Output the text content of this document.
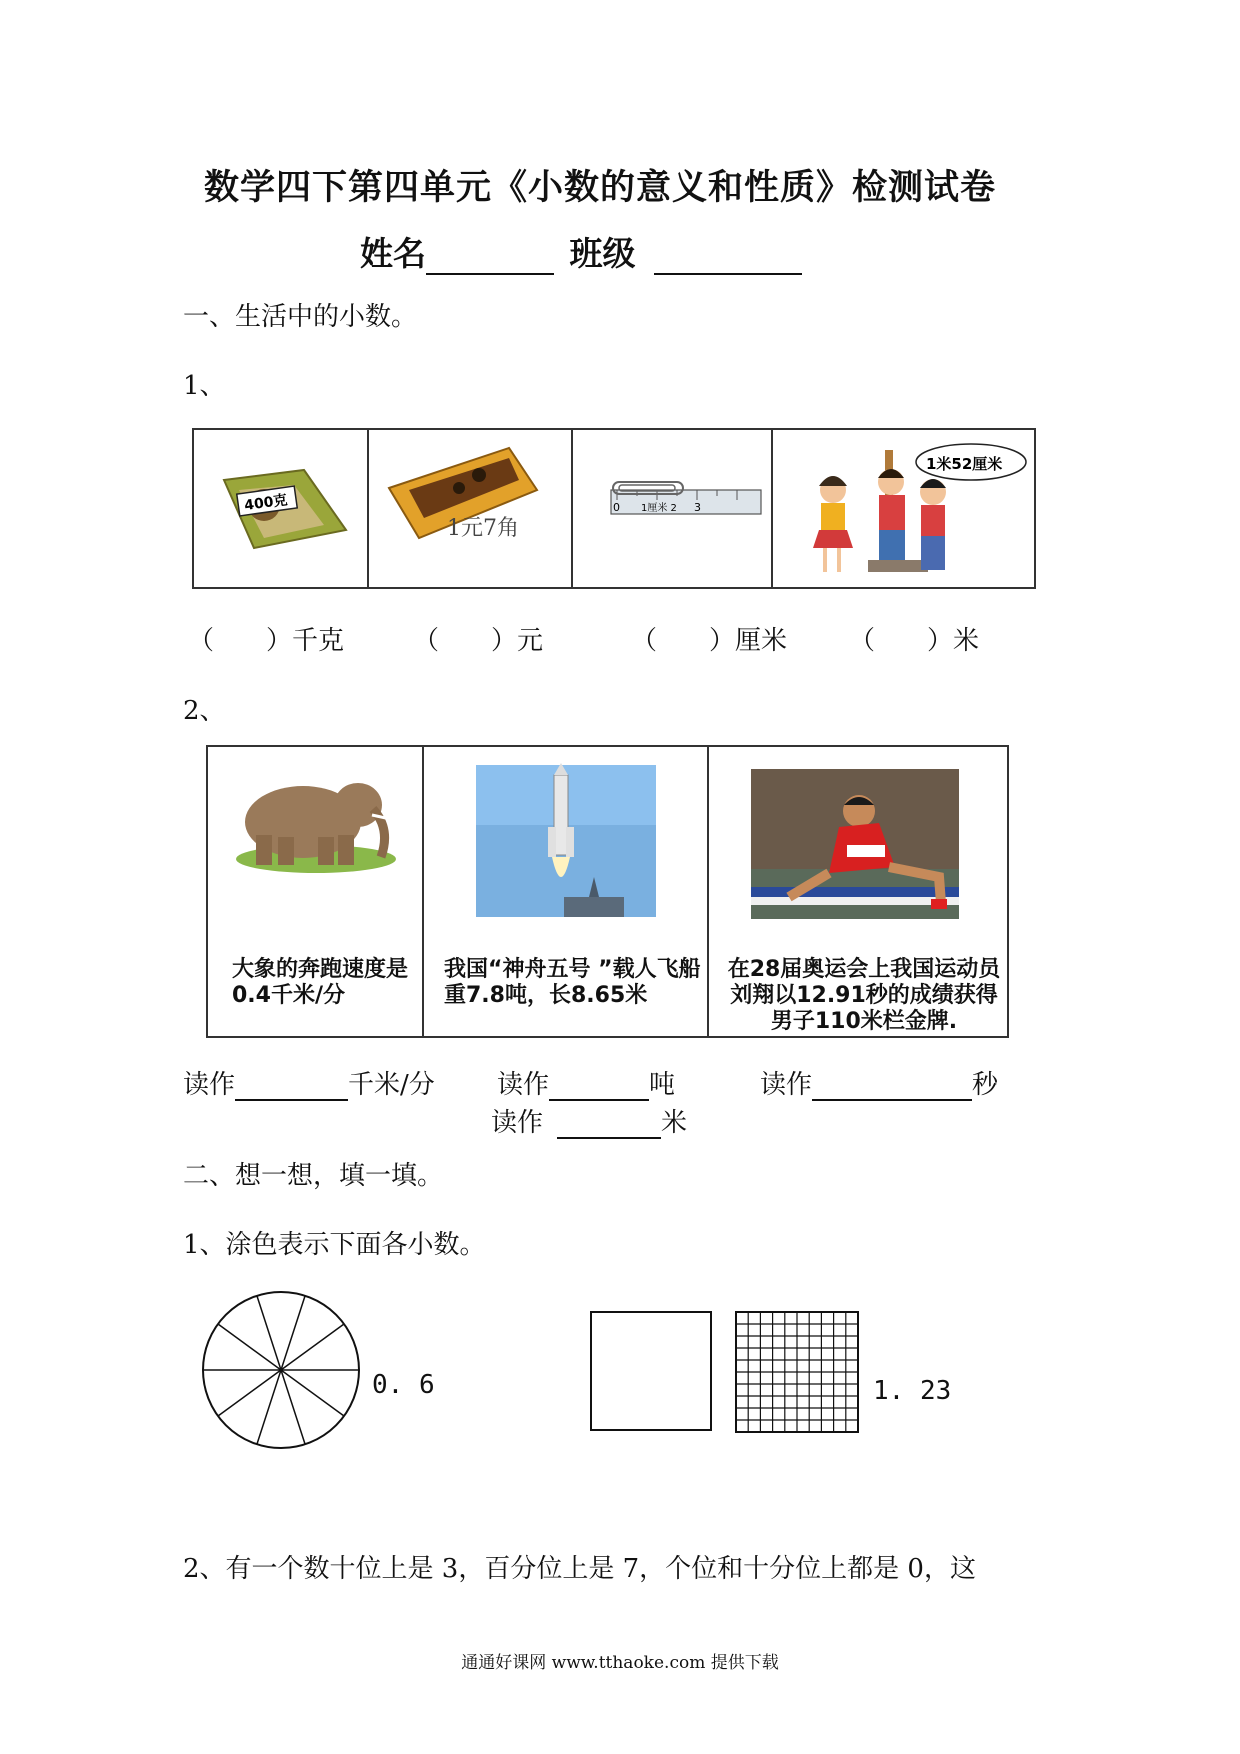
数学四下第四单元《小数的意义和性质》检测试卷
姓名	班级
一、生活中的小数。
1、
400克

1元7角

0 1厘米 2 3

1米52厘米
（　　）千克	（　　）元	（　　）厘米	（　　）米
2、
大象的奔跑速度是0.4千米/分

我国“神舟五号 ”载人飞船重7.8吨，长8.65米

在28届奥运会上我国运动员刘翔以12.91秒的成绩获得男子110米栏金牌.
读作	千米/分 读作	吨	读作	秒
读作	米
二、想一想，填一填。
1、涂色表示下面各小数。
0. 6	1. 23
2、有一个数十位上是 3，百分位上是 7，个位和十分位上都是 0，这
通通好课网 www.tthaoke.com 提供下载
